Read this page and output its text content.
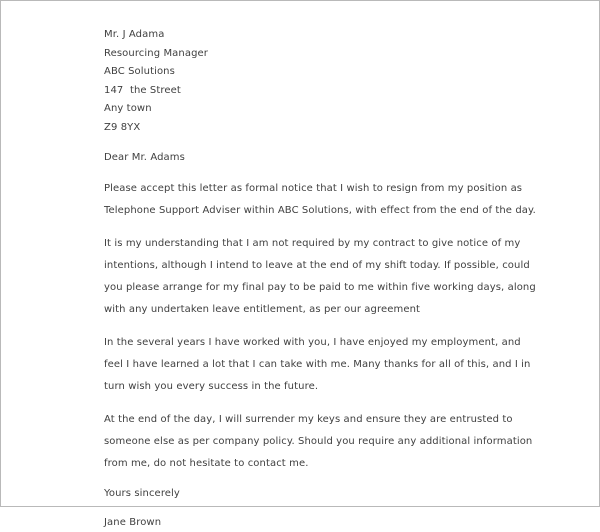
Mr. J Adama
Resourcing Manager
ABC Solutions
147  the Street
Any town
Z9 8YX
Dear Mr. Adams
Please accept this letter as formal notice that I wish to resign from my position as
Telephone Support Adviser within ABC Solutions, with effect from the end of the day.
It is my understanding that I am not required by my contract to give notice of my
intentions, although I intend to leave at the end of my shift today. If possible, could
you please arrange for my final pay to be paid to me within five working days, along
with any undertaken leave entitlement, as per our agreement
In the several years I have worked with you, I have enjoyed my employment, and
feel I have learned a lot that I can take with me. Many thanks for all of this, and I in
turn wish you every success in the future.
At the end of the day, I will surrender my keys and ensure they are entrusted to
someone else as per company policy. Should you require any additional information
from me, do not hesitate to contact me.
Yours sincerely
Jane Brown
